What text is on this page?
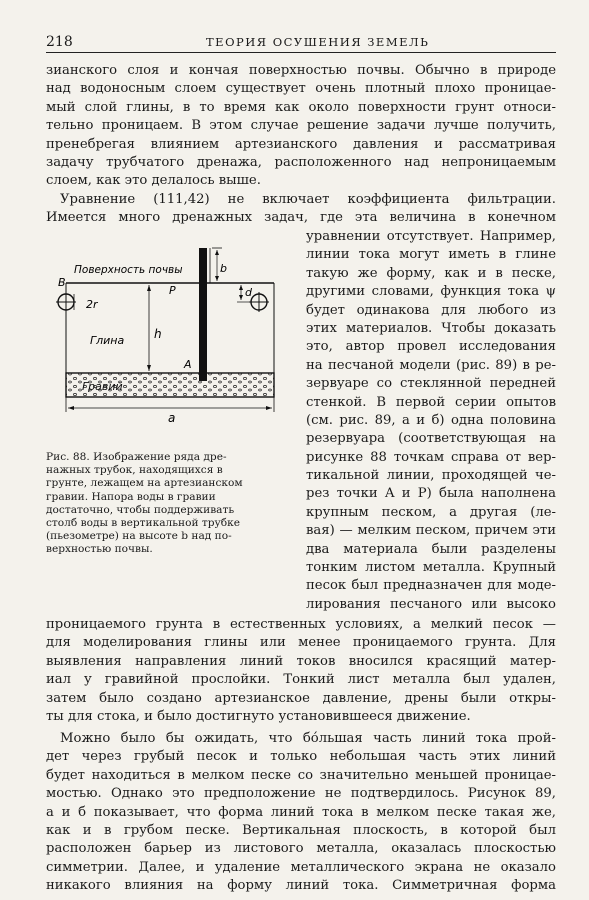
218	ТЕОРИЯ ОСУШЕНИЯ ЗЕМЕЛЬ
зианского слоя и кончая поверхностью почвы. Обычно в природе
над водоносным слоем существует очень плотный плохо проницае-
мый слой глины, в то время как около поверхности грунт относи-
тельно проницаем. В этом случае решение задачи лучше получить,
пренебрегая влиянием артезианского давления и рассматривая
задачу трубчатого дренажа, расположенного над непроницаемым
слоем, как это делалось выше.
Уравнение (111,42) не включает коэффициента фильтрации.
Имеется много дренажных задач, где эта величина в конечном
уравнении отсутствует. Например,
линии тока могут иметь в глине
такую же форму, как и в песке,
другими словами, функция тока ψ
будет одинакова для любого из
этих материалов. Чтобы доказать
это, автор провел исследования
на песчаной модели (рис. 89) в ре-
зервуаре со стеклянной передней
стенкой. В первой серии опытов
(см. рис. 89, а и б) одна половина
резервуара (соответствующая на
рисунке 88 точкам справа от вер-
тикальной линии, проходящей че-
рез точки A и P) была наполнена
крупным песком, а другая (ле-
вая) — мелким песком, причем эти
два материала были разделены
тонким листом металла. Крупный
песок был предназначен для моде-
лирования песчаного или высоко
Поверхность почвы
B
P
2r
h
Глина
A
b
d
Гравий
a
Рис. 88. Изображение ряда дре-
нажных трубок, находящихся в
грунте, лежащем на артезианском
гравии. Напора воды в гравии
достаточно, чтобы поддерживать
столб воды в вертикальной трубке
(пьезометре) на высоте b над по-
верхностью почвы.
проницаемого грунта в естественных условиях, а мелкий песок —
для моделирования глины или менее проницаемого грунта. Для
выявления направления линий токов вносился красящий матер-
иал у гравийной прослойки. Тонкий лист металла был удален,
затем было создано артезианское давление, дрены были откры-
ты для стока, и было достигнуто установившееся движение.
Можно было бы ожидать, что бо́льшая часть линий тока прой-
дет через грубый песок и только небольшая часть этих линий
будет находиться в мелком песке со значительно меньшей проницае-
мостью. Однако это предположение не подтвердилось. Рисунок 89,
а и б показывает, что форма линий тока в мелком песке такая же,
как и в грубом песке. Вертикальная плоскость, в которой был
расположен барьер из листового металла, оказалась плоскостью
симметрии. Далее, и удаление металлического экрана не оказало
никакого влияния на форму линий тока. Симметричная форма
